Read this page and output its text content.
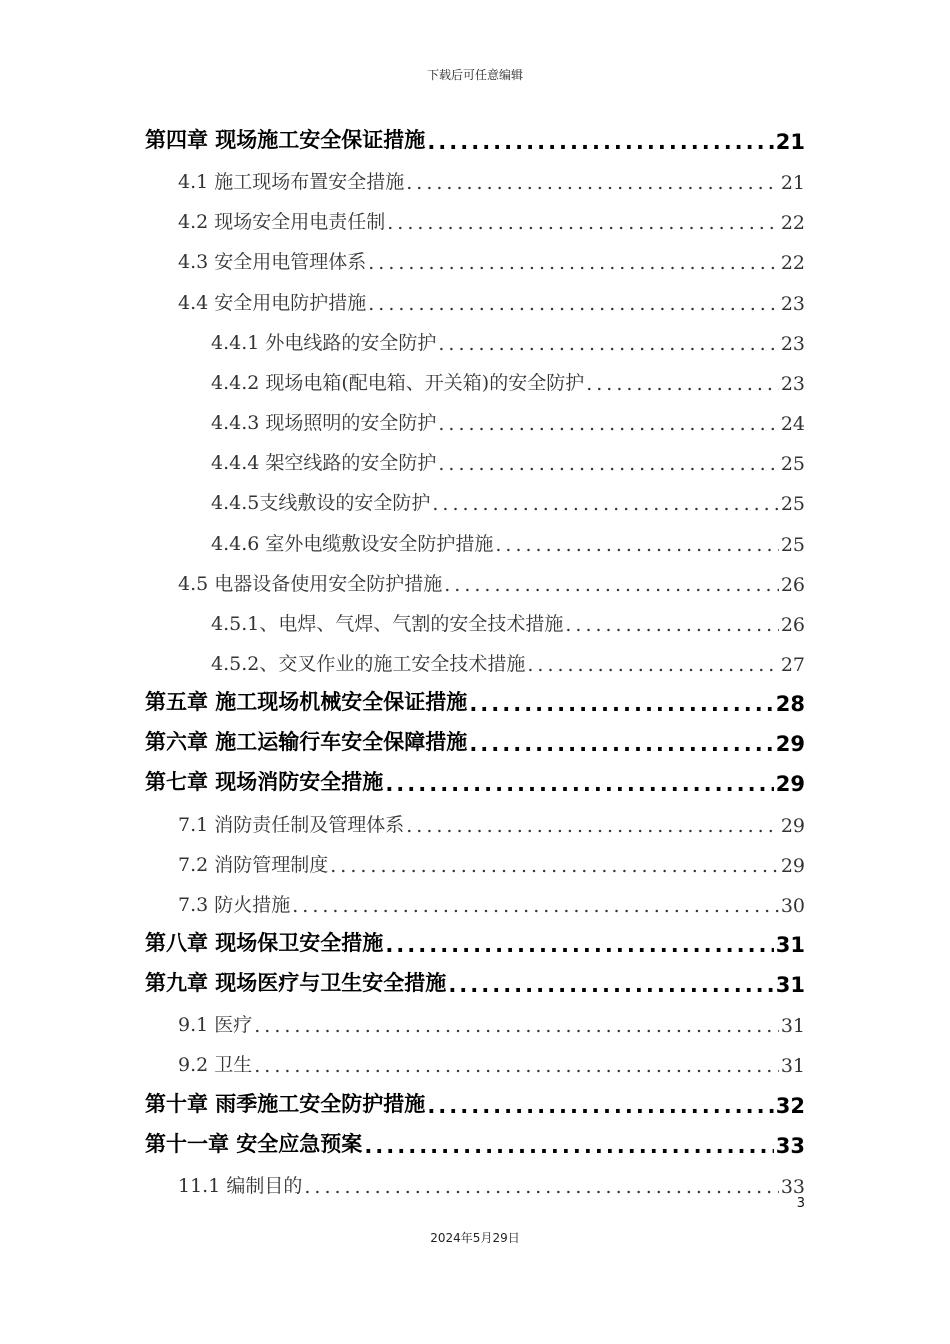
下载后可任意编辑
第四章 现场施工安全保证措施 .....	21
4.1 施工现场布置安全措施 .....	21
4.2 现场安全用电责任制 .....	22
4.3 安全用电管理体系 .....	22
4.4 安全用电防护措施 .....	23
4.4.1 外电线路的安全防护 .....	23
4.4.2 现场电箱(配电箱、开关箱)的安全防护 .....	23
4.4.3 现场照明的安全防护 .....	24
4.4.4 架空线路的安全防护 .....	25
4.4.5支线敷设的安全防护 .....	25
4.4.6 室外电缆敷设安全防护措施 .....	25
4.5 电器设备使用安全防护措施 .....	26
4.5.1、电焊、气焊、气割的安全技术措施 .....	26
4.5.2、交叉作业的施工安全技术措施 .....	27
第五章 施工现场机械安全保证措施 .....	28
第六章 施工运输行车安全保障措施 .....	29
第七章 现场消防安全措施 .....	29
7.1 消防责任制及管理体系 .....	29
7.2 消防管理制度 .....	29
7.3 防火措施 .....	30
第八章 现场保卫安全措施 .....	31
第九章 现场医疗与卫生安全措施 .....	31
9.1 医疗 .....	31
9.2 卫生 .....	31
第十章 雨季施工安全防护措施 .....	32
第十一章 安全应急预案 .....	33
11.1 编制目的 .....	33
3
2024年5月29日
